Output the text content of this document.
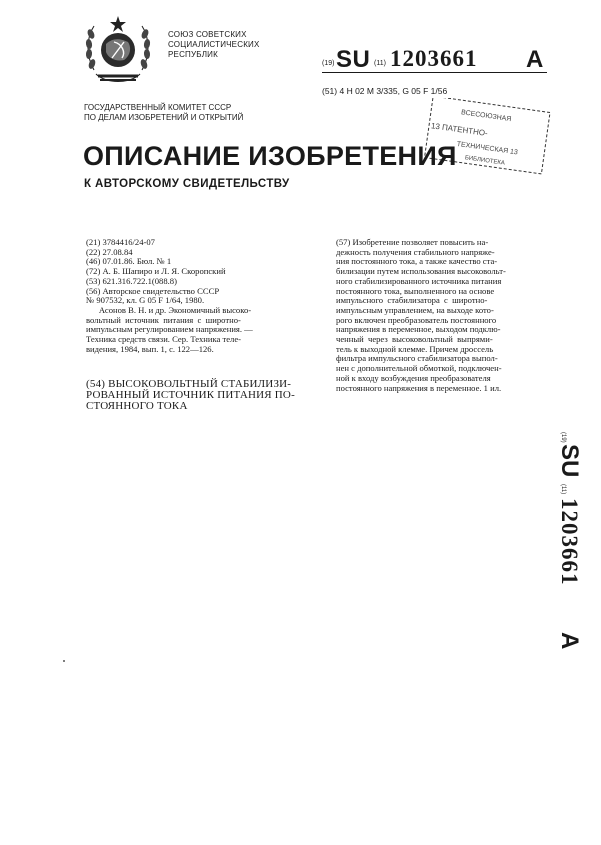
СОЮЗ СОВЕТСКИХ
СОЦИАЛИСТИЧЕСКИХ
РЕСПУБЛИК
(19) SU (11) 1203661 A
(51) 4 H 02 M 3/335, G 05 F 1/56
ВСЕСОЮЗНАЯ
13 ПАТЕНТНО-
ТЕХНИЧЕСКАЯ 13
БИБЛИОТЕКА
ГОСУДАРСТВЕННЫЙ КОМИТЕТ СССР
ПО ДЕЛАМ ИЗОБРЕТЕНИЙ И ОТКРЫТИЙ
ОПИСАНИЕ ИЗОБРЕТЕНИЯ
К АВТОРСКОМУ СВИДЕТЕЛЬСТВУ
(21) 3784416/24-07
(22) 27.08.84
(46) 07.01.86. Бюл. № 1
(72) А. Б. Шапиро и Л. Я. Скоропский
(53) 621.316.722.1(088.8)
(56) Авторское свидетельство СССР
№ 907532, кл. G 05 F 1/64, 1980.
Асонов В. Н. и др. Экономичный высоко-
вольтный  источник  питания  с  широтно-
импульсным регулированием напряжения. —
Техника средств связи. Сер. Техника теле-
видения, 1984, вып. 1, с. 122—126.
(54) ВЫСОКОВОЛЬТНЫЙ СТАБИЛИЗИ-
РОВАННЫЙ ИСТОЧНИК ПИТАНИЯ ПО-
СТОЯННОГО ТОКА
(57) Изобретение позволяет повысить на-
дежность получения стабильного напряже-
ния постоянного тока, а также качество ста-
билизации путем использования высоковольт-
ного стабилизированного источника питания
постоянного тока, выполненного на основе
импульсного  стабилизатора  с  широтно-
импульсным управлением, на выходе кото-
рого включен преобразователь постоянного
напряжения в переменное, выходом подклю-
ченный  через  высоковольтный  выпрями-
тель к выходной клемме. Причем дроссель
фильтра импульсного стабилизатора выпол-
нен с дополнительной обмоткой, подключен-
ной к входу возбуждения преобразователя
постоянного напряжения в переменное. 1 ил.
(19)
SU
(11)
1203661
A
